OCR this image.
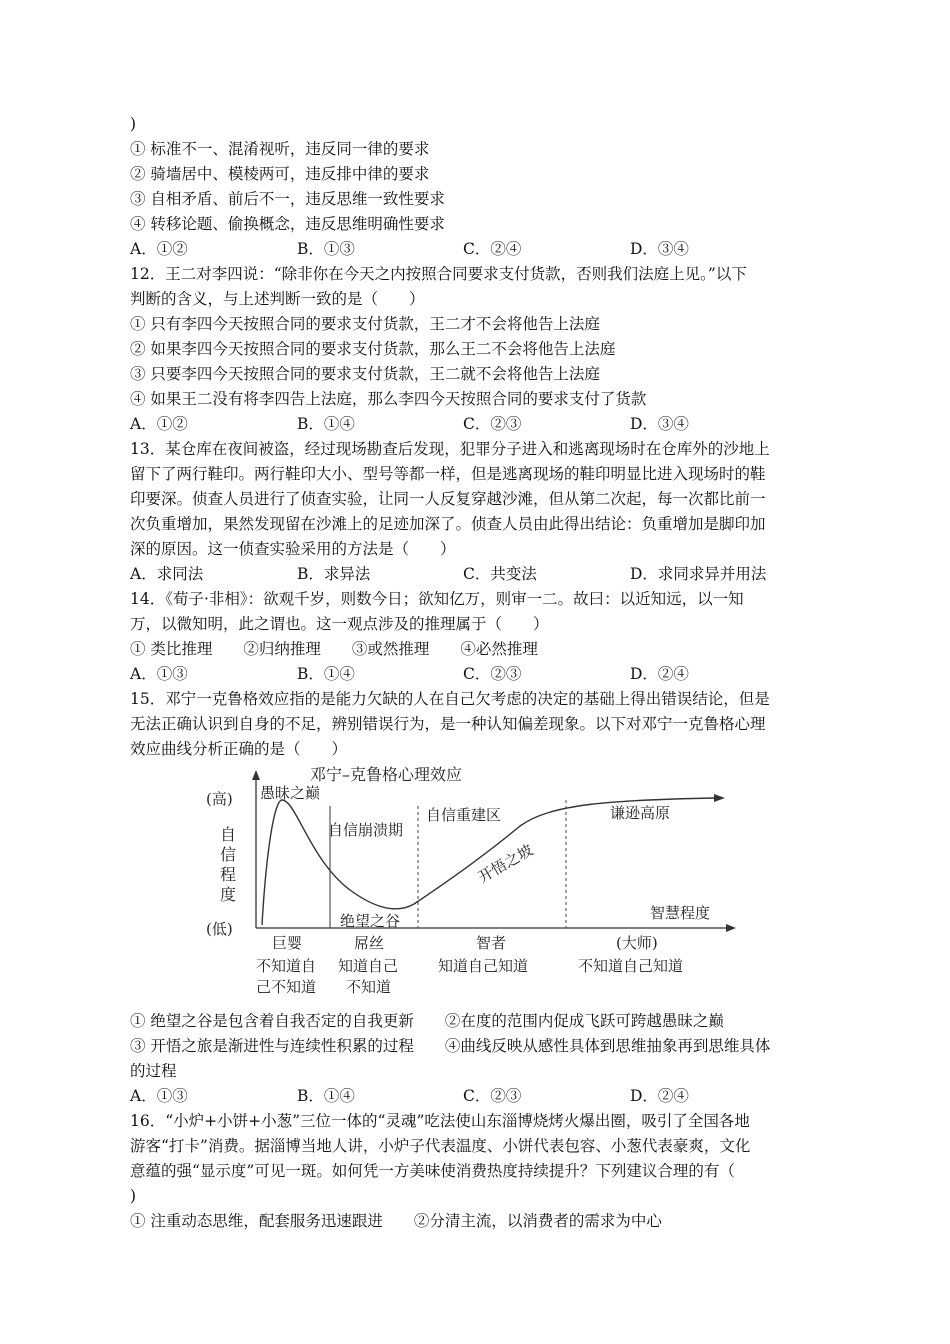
)
① 标准不一、混淆视听，违反同一律的要求
② 骑墙居中、模棱两可，违反排中律的要求
③ 自相矛盾、前后不一，违反思维一致性要求
④ 转移论题、偷换概念，违反思维明确性要求
A．①②	B．①③	C．②④	D．③④
12．王二对李四说：“除非你在今天之内按照合同要求支付货款，否则我们法庭上见。”以下
判断的含义，与上述判断一致的是（　　）
① 只有李四今天按照合同的要求支付货款，王二才不会将他告上法庭
② 如果李四今天按照合同的要求支付货款，那么王二不会将他告上法庭
③ 只要李四今天按照合同的要求支付货款，王二就不会将他告上法庭
④ 如果王二没有将李四告上法庭，那么李四今天按照合同的要求支付了货款
A．①②	B．①④	C．②③	D．③④
13．某仓库在夜间被盗，经过现场勘查后发现，犯罪分子进入和逃离现场时在仓库外的沙地上
留下了两行鞋印。两行鞋印大小、型号等都一样，但是逃离现场的鞋印明显比进入现场时的鞋
印要深。侦查人员进行了侦查实验，让同一人反复穿越沙滩，但从第二次起，每一次都比前一
次负重增加，果然发现留在沙滩上的足迹加深了。侦查人员由此得出结论：负重增加是脚印加
深的原因。这一侦查实验采用的方法是（　　）
A．求同法	B．求异法	C．共变法	D．求同求异并用法
14．《荀子·非相》：欲观千岁，则数今日；欲知亿万，则审一二。故曰：以近知远，以一知
万，以微知明，此之谓也。这一观点涉及的推理属于（　　）
① 类比推理　　②归纳推理　　③或然推理　　④必然推理
A．①③	B．①④	C．②③	D．②④
15．邓宁一克鲁格效应指的是能力欠缺的人在自己欠考虑的决定的基础上得出错误结论，但是
无法正确认识到自身的不足，辨别错误行为，是一种认知偏差现象。以下对邓宁一克鲁格心理
效应曲线分析正确的是（　　）
邓宁–克鲁格心理效应
(高)
(低)
自
信
程
度
愚昧之巅
自信崩溃期
自信重建区
绝望之谷
开悟之坡
谦逊高原
智慧程度
巨婴	屌丝	智者	(大师)
不知道自
己不知道
知道自己
不知道
知道自己知道	不知道自己知道
① 绝望之谷是包含着自我否定的自我更新　　②在度的范围内促成飞跃可跨越愚昧之巅
③ 开悟之旅是渐进性与连续性积累的过程　　④曲线反映从感性具体到思维抽象再到思维具体
的过程
A．①③	B．①④	C．②③	D．②④
16．“小炉+小饼+小葱”三位一体的“灵魂”吃法使山东淄博烧烤火爆出圈，吸引了全国各地
游客“打卡”消费。据淄博当地人讲，小炉子代表温度、小饼代表包容、小葱代表豪爽，文化
意蕴的强“显示度”可见一斑。如何凭一方美味使消费热度持续提升？下列建议合理的有（
)
① 注重动态思维，配套服务迅速跟进　　②分清主流，以消费者的需求为中心
